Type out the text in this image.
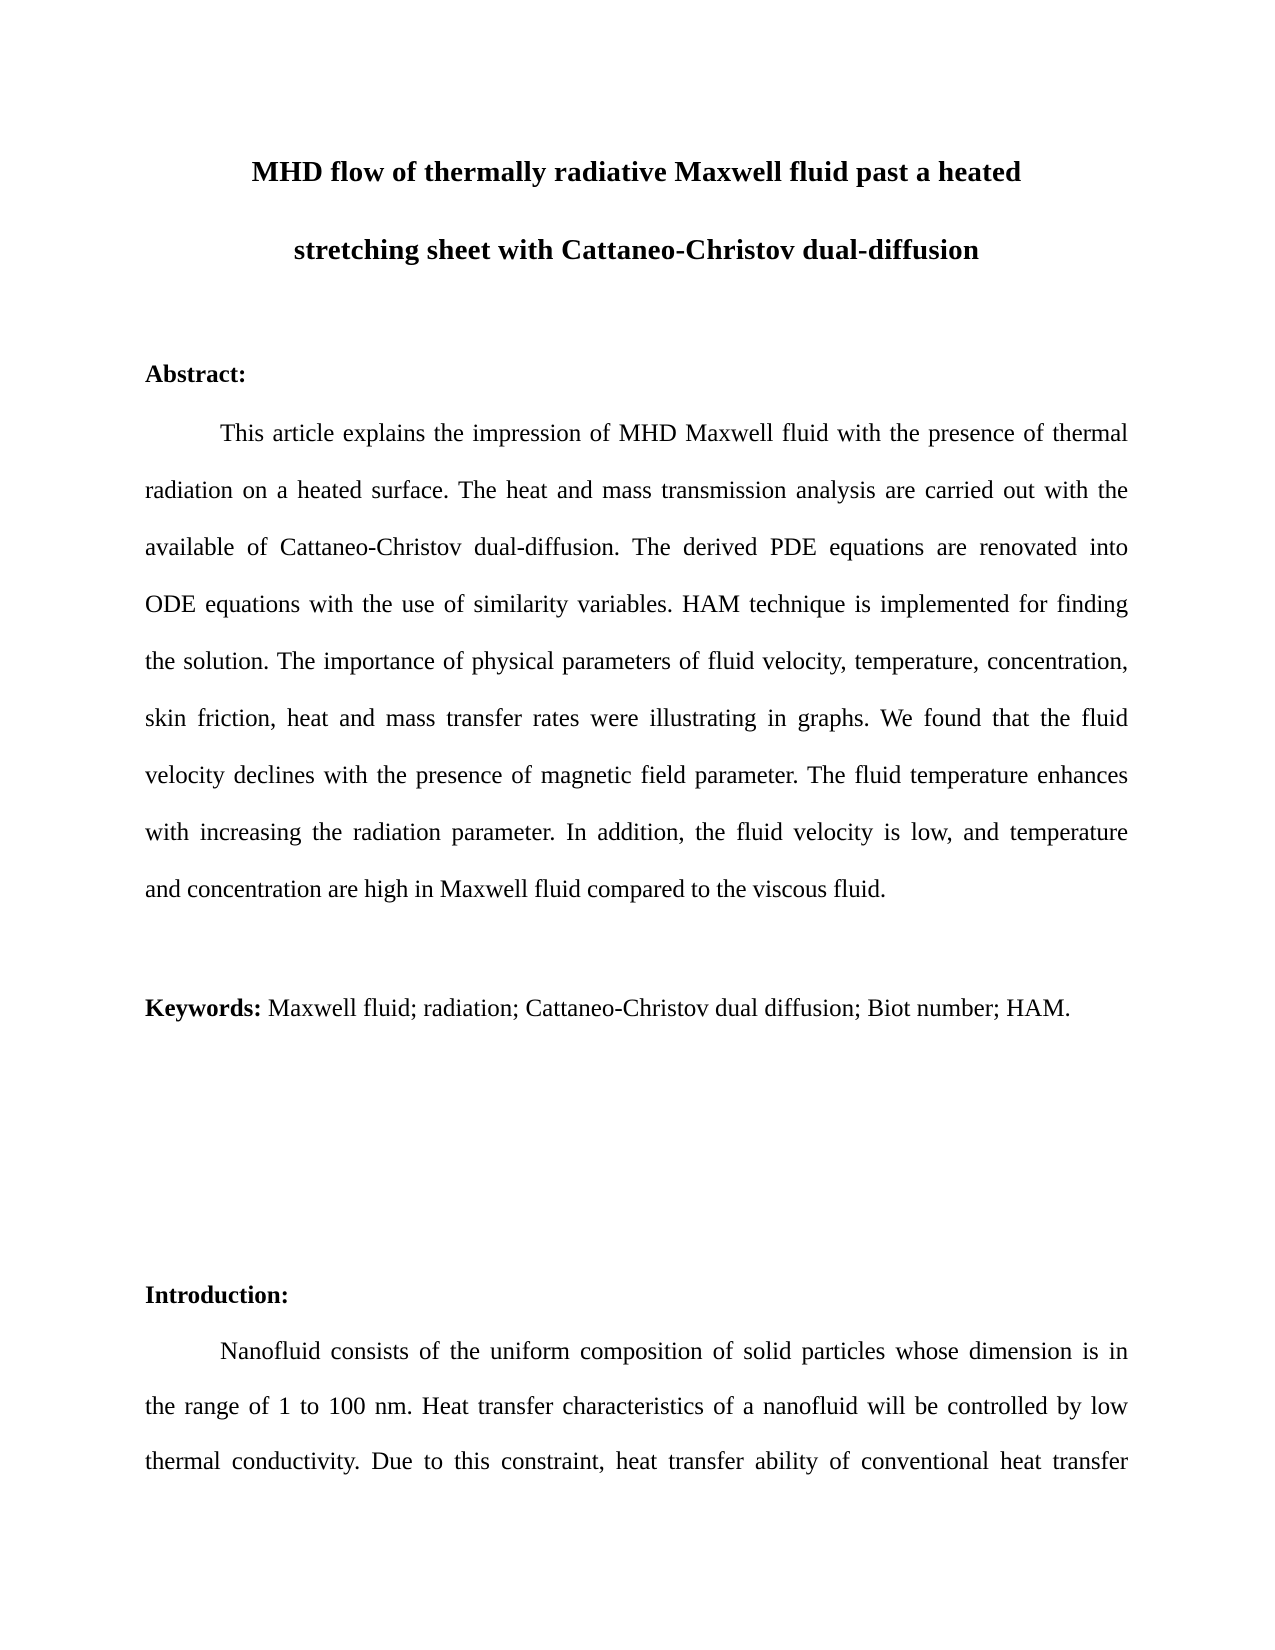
MHD flow of thermally radiative Maxwell fluid past a heated
stretching sheet with Cattaneo-Christov dual-diffusion
Abstract:
This article explains the impression of MHD Maxwell fluid with the presence of thermal
radiation on a heated surface. The heat and mass transmission analysis are carried out with the
available of Cattaneo-Christov dual-diffusion. The derived PDE equations are renovated into
ODE equations with the use of similarity variables. HAM technique is implemented for finding
the solution. The importance of physical parameters of fluid velocity, temperature, concentration,
skin friction, heat and mass transfer rates were illustrating in graphs. We found that the fluid
velocity declines with the presence of magnetic field parameter. The fluid temperature enhances
with increasing the radiation parameter. In addition, the fluid velocity is low, and temperature
and concentration are high in Maxwell fluid compared to the viscous fluid.
Keywords: Maxwell fluid; radiation; Cattaneo-Christov dual diffusion; Biot number; HAM.
Introduction:
Nanofluid consists of the uniform composition of solid particles whose dimension is in
the range of 1 to 100 nm. Heat transfer characteristics of a nanofluid will be controlled by low
thermal conductivity. Due to this constraint, heat transfer ability of conventional heat transfer
